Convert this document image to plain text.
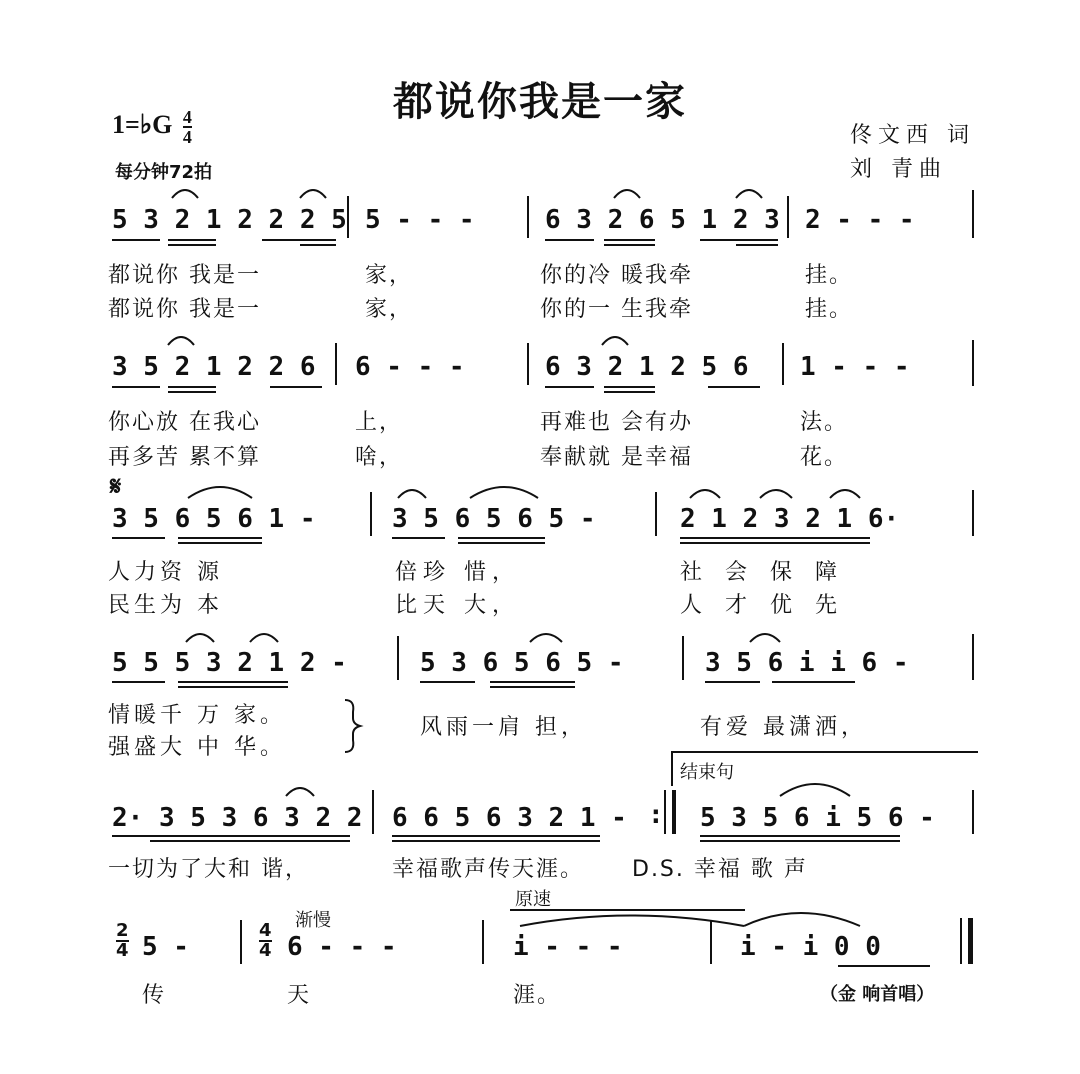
都说你我是一家
1=♭G $\frac{4}{4}$
每分钟72拍
佟文西 词
刘 青曲
5 3 2 1 2 2 2 5 5 - - -	6 3 2 6 5 1 2 3 2 - - -
都说你 我是一	家，	你的冷 暖我牵	挂。
都说你 我是一	家，	你的一 生我牵	挂。
3 5 2 1 2 2 6 6 - - -	6 3 2 1 2 5 6 1 - - -
你心放 在我心	上，	再难也 会有办	法。
再多苦 累不算	啥，	奉献就 是幸福	花。
𝄋
3 5 6 5 6 1 -	3 5 6 5 6 5 -	2 1 2 3 2 1 6·
人力资 源	倍珍 惜，	社 会 保 障
民生为 本	比天 大，	人 才 优 先
5 5 5 3 2 1 2 -	5 3 6 5 6 5 -	3 5 6 i i 6 -
情暖千 万 家。	风雨一肩 担，	有爱 最潇洒，
强盛大 中 华。
结束句
2· 3 5 3 6 3 2 2 6 6 5 6 3 2 1 - : 5 3 5 6 i 5 6 -
一切为了大和 谐，	幸福歌声传天涯。 D.S. 幸福 歌 声
原速
渐慢
$\frac{2}{4} 5$ -	$\frac{4}{4} 6$ - - -	i - - -	i - i 0 0
传	天	涯。	（金 响首唱）
